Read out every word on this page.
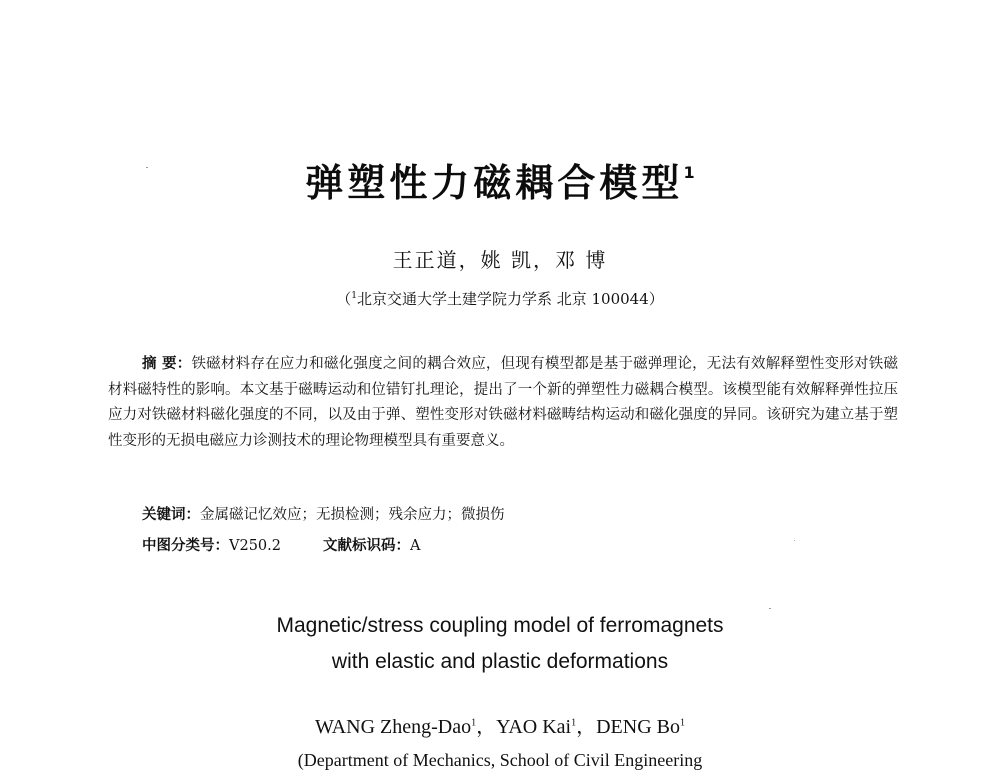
弹塑性力磁耦合模型$^1$
王正道，姚 凯，邓 博
（$^1$北京交通大学土建学院力学系 北京 100044）
摘 要：铁磁材料存在应力和磁化强度之间的耦合效应，但现有模型都是基于磁弹理论，无法有效解释塑性变形对铁磁材料磁特性的影响。本文基于磁畴运动和位错钉扎理论，提出了一个新的弹塑性力磁耦合模型。该模型能有效解释弹性拉压应力对铁磁材料磁化强度的不同，以及由于弹、塑性变形对铁磁材料磁畴结构运动和磁化强度的异同。该研究为建立基于塑性变形的无损电磁应力诊测技术的理论物理模型具有重要意义。
关键词：金属磁记忆效应；无损检测；残余应力；微损伤
中图分类号：V250.2	文献标识码：A
Magnetic/stress coupling model of ferromagnets
with elastic and plastic deformations
WANG Zheng-Dao$^1$，YAO Kai$^1$，DENG Bo$^1$
(Department of Mechanics, School of Civil Engineering
